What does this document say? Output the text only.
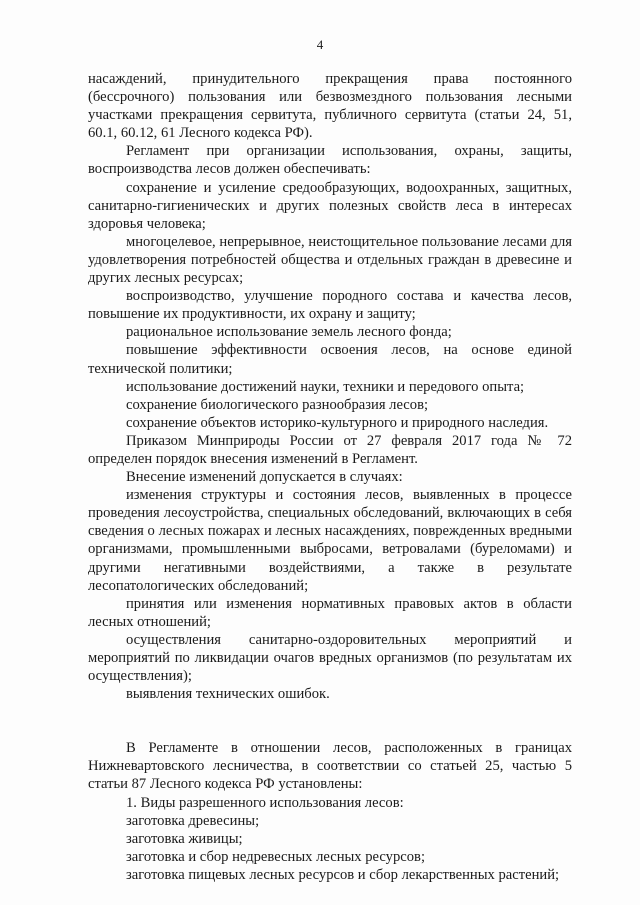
4

насаждений, принудительного прекращения права постоянного (бессрочного) пользования или безвозмездного пользования лесными участками прекращения сервитута, публичного сервитута (статьи 24, 51, 60.1, 60.12, 61 Лесного кодекса РФ).

Регламент при организации использования, охраны, защиты, воспроизводства лесов должен обеспечивать:

сохранение и усиление средообразующих, водоохранных, защитных, санитарно-гигиенических и других полезных свойств леса в интересах здоровья человека;

многоцелевое, непрерывное, неистощительное пользование лесами для удовлетворения потребностей общества и отдельных граждан в древесине и других лесных ресурсах;

воспроизводство, улучшение породного состава и качества лесов, повышение их продуктивности, их охрану и защиту;

рациональное использование земель лесного фонда;

повышение эффективности освоения лесов, на основе единой технической политики;

использование достижений науки, техники и передового опыта;

сохранение биологического разнообразия лесов;

сохранение объектов историко-культурного и природного наследия.

Приказом Минприроды России от 27 февраля 2017 года № 72 определен порядок внесения изменений в Регламент.

Внесение изменений допускается в случаях:

изменения структуры и состояния лесов, выявленных в процессе проведения лесоустройства, специальных обследований, включающих в себя сведения о лесных пожарах и лесных насаждениях, поврежденных вредными организмами, промышленными выбросами, ветровалами (буреломами) и другими негативными воздействиями, а также в результате лесопатологических обследований;

принятия или изменения нормативных правовых актов в области лесных отношений;

осуществления санитарно-оздоровительных мероприятий и мероприятий по ликвидации очагов вредных организмов (по результатам их осуществления);

выявления технических ошибок.

В Регламенте в отношении лесов, расположенных в границах Нижневартовского лесничества, в соответствии со статьей 25, частью 5 статьи 87 Лесного кодекса РФ установлены:

1. Виды разрешенного использования лесов:

заготовка древесины;

заготовка живицы;

заготовка и сбор недревесных лесных ресурсов;

заготовка пищевых лесных ресурсов и сбор лекарственных растений;
